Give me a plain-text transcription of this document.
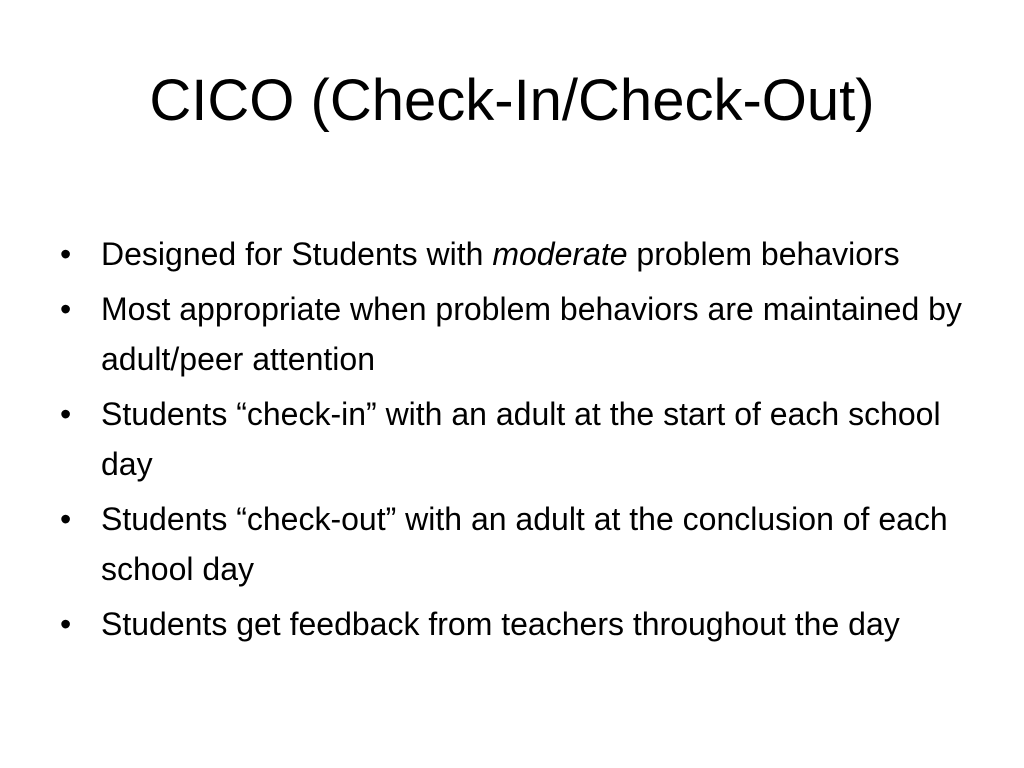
CICO (Check-In/Check-Out)
• Designed for Students with moderate problem behaviors
• Most appropriate when problem behaviors are maintained by adult/peer attention
• Students “check-in” with an adult at the start of each school day
• Students “check-out” with an adult at the conclusion of each school day
• Students get feedback from teachers throughout the day
